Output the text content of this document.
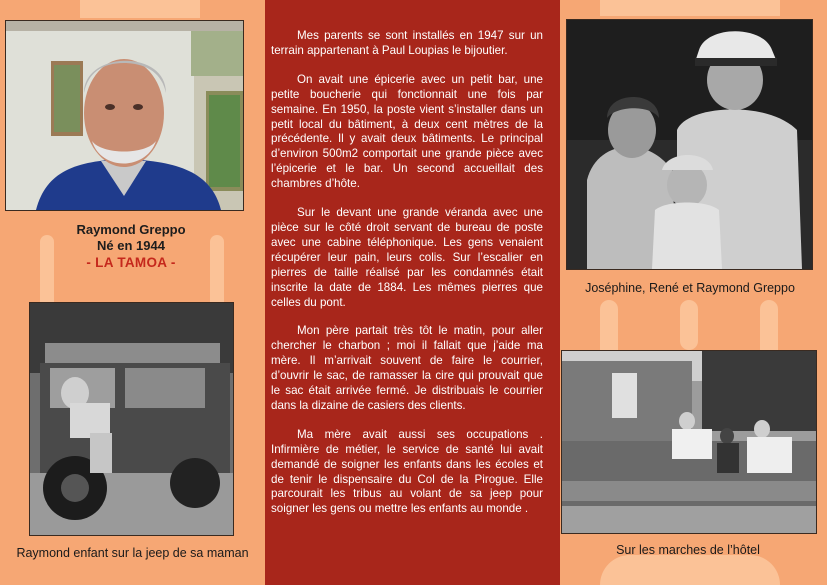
Raymond Greppo
Né en 1944
- LA TAMOA -
Raymond enfant sur la jeep de sa maman

Mes parents se sont installés en 1947 sur un terrain appartenant à Paul Loupias le bijoutier.

On avait une épicerie avec un petit bar, une petite boucherie qui fonctionnait une fois par semaine. En 1950, la poste vient s’installer dans un petit local du bâtiment, à deux cent mètres de la précédente. Il y avait deux bâtiments. Le principal d’environ 500m2 comportait une grande pièce avec l’épicerie et le bar. Un second accueillait des chambres d’hôte.

Sur le devant une grande véranda avec une pièce sur le côté droit servant de bureau de poste avec une cabine téléphonique. Les gens venaient récupérer leur pain, leurs colis. Sur l’escalier en pierres de taille réalisé par les condamnés était inscrite la date de 1884. Les mêmes pierres que celles du pont.

Mon père partait très tôt le matin, pour aller chercher le charbon ; moi il fallait que j’aide ma mère. Il m’arrivait souvent de faire le courrier, d’ouvrir le sac, de ramasser la cire qui prouvait que le sac était arrivée fermé. Je distribuais le courrier dans la dizaine de casiers des clients.

Ma mère avait aussi ses occupations . Infirmière de métier, le service de santé lui avait demandé de soigner les enfants dans les écoles et de tenir le dispensaire du Col de la Pirogue. Elle parcourait les tribus au volant de sa jeep pour soigner les gens ou mettre les enfants au monde .

Joséphine, René et Raymond Greppo
Sur les marches de l’hôtel
